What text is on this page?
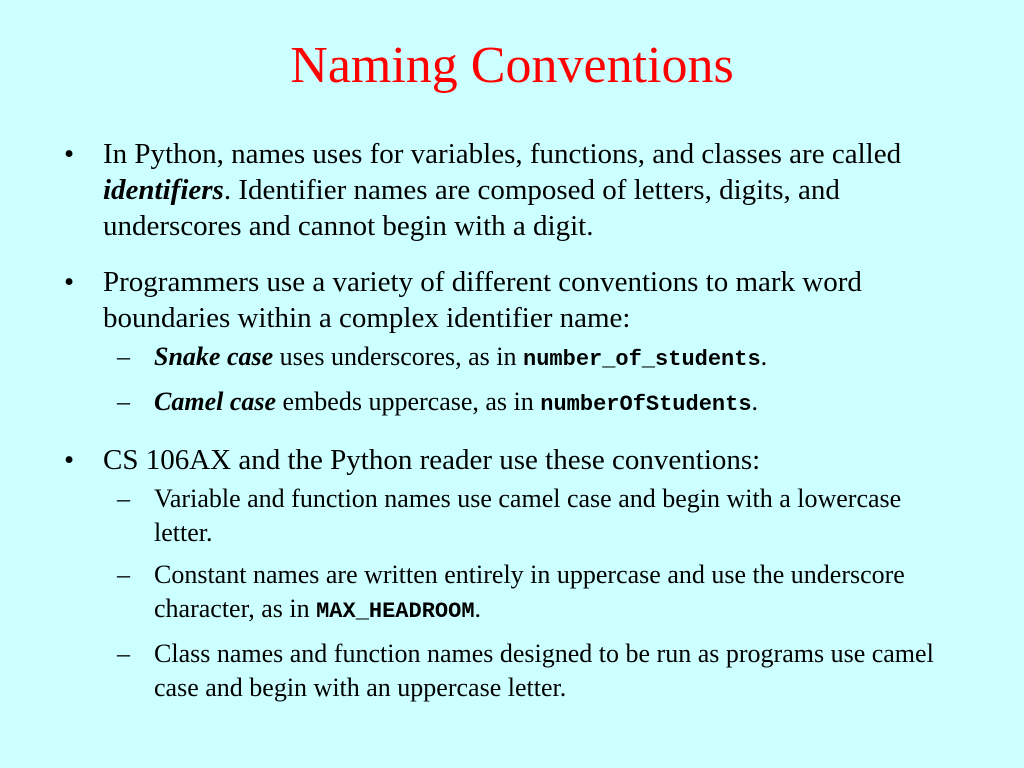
Naming Conventions
• In Python, names uses for variables, functions, and classes are called identifiers. Identifier names are composed of letters, digits, and underscores and cannot begin with a digit.
• Programmers use a variety of different conventions to mark word boundaries within a complex identifier name:
– Snake case uses underscores, as in number_of_students.
– Camel case embeds uppercase, as in numberOfStudents.
• CS 106AX and the Python reader use these conventions:
– Variable and function names use camel case and begin with a lowercase letter.
– Constant names are written entirely in uppercase and use the underscore character, as in MAX_HEADROOM.
– Class names and function names designed to be run as programs use camel case and begin with an uppercase letter.
